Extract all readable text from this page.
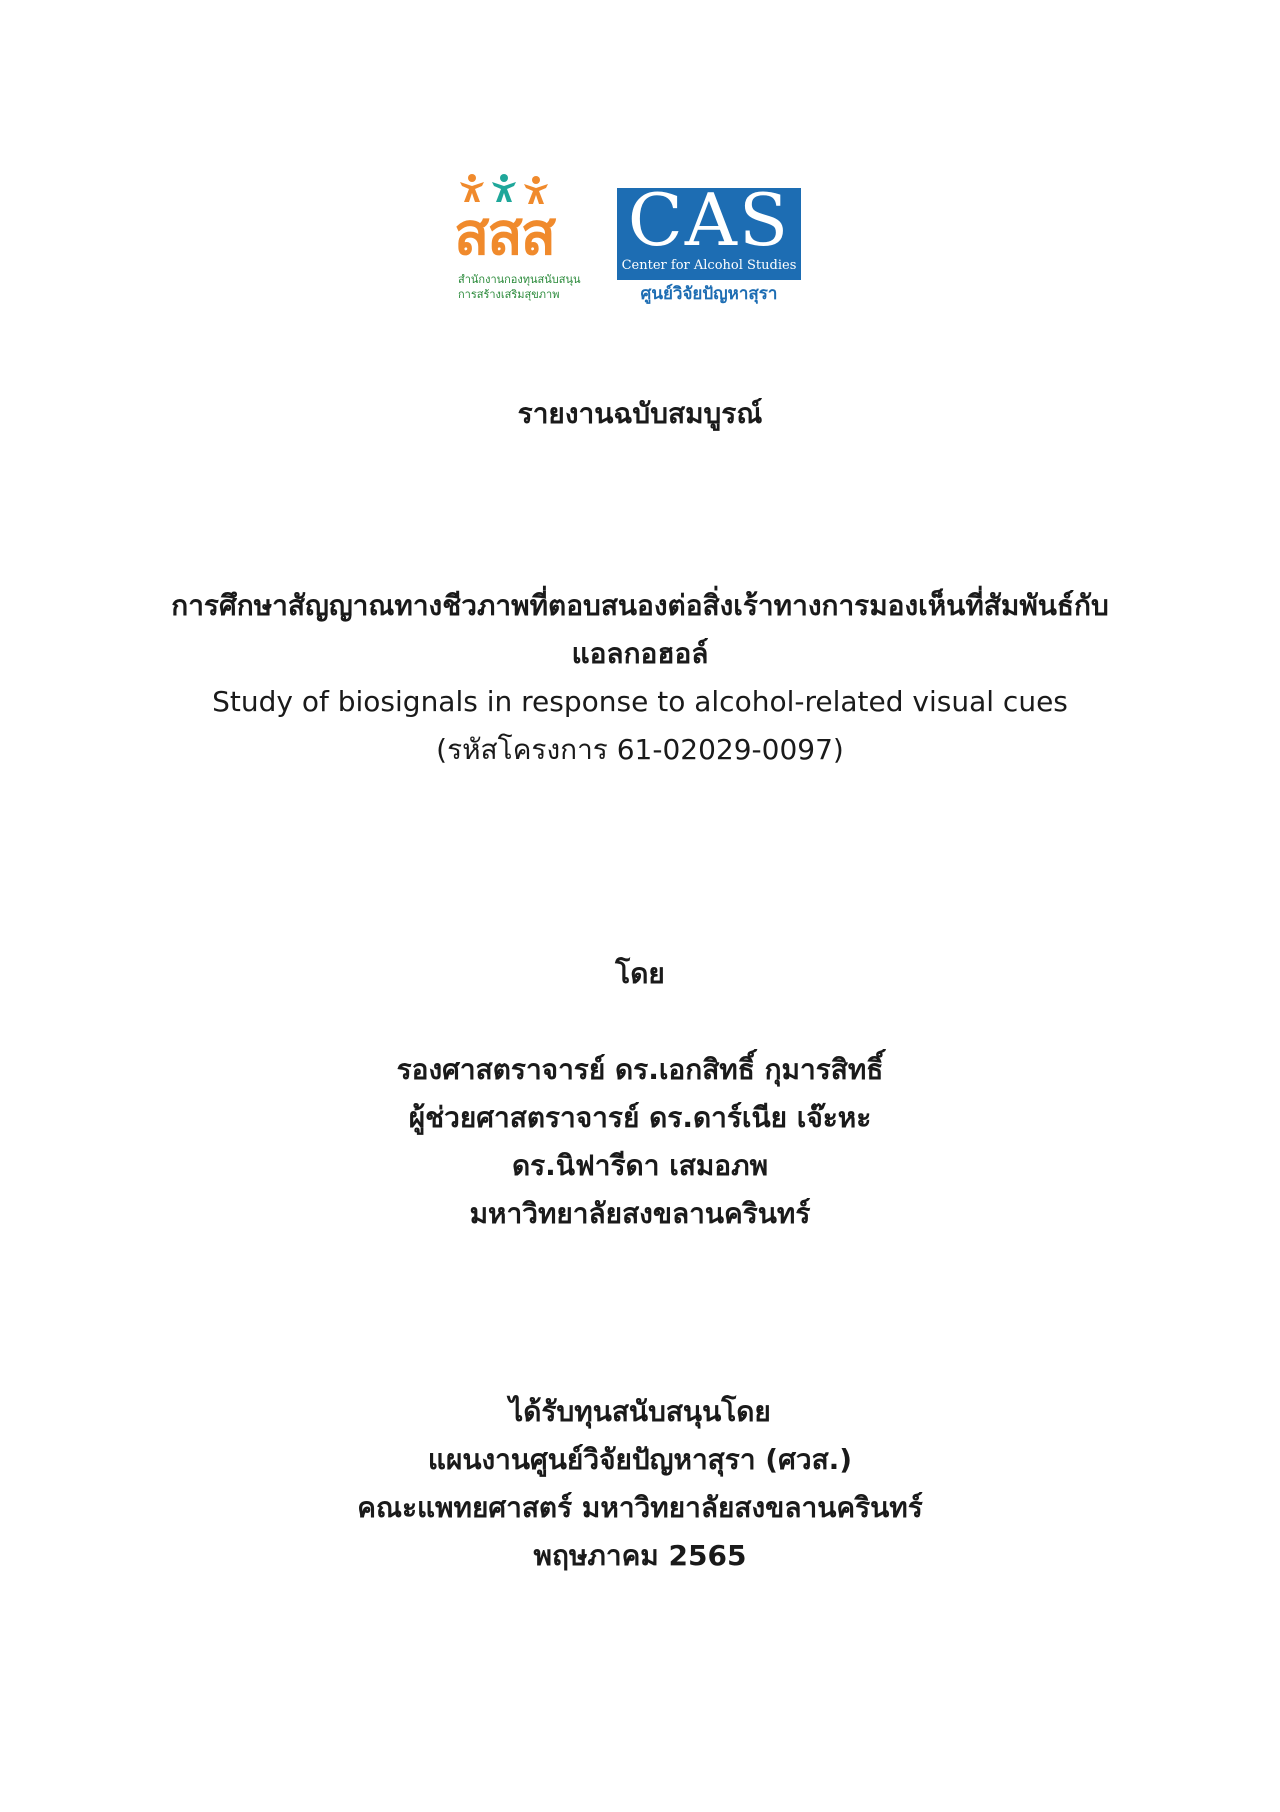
สสส
สำนักงานกองทุนสนับสนุน
การสร้างเสริมสุขภาพ
CAS
Center for Alcohol Studies
ศูนย์วิจัยปัญหาสุรา
รายงานฉบับสมบูรณ์
การศึกษาสัญญาณทางชีวภาพที่ตอบสนองต่อสิ่งเร้าทางการมองเห็นที่สัมพันธ์กับ
แอลกอฮอล์
Study of biosignals in response to alcohol-related visual cues
(รหัสโครงการ 61-02029-0097)
โดย
รองศาสตราจารย์ ดร.เอกสิทธิ์ กุมารสิทธิ์
ผู้ช่วยศาสตราจารย์ ดร.ดาร์เนีย เจ๊ะหะ
ดร.นิฟารีดา เสมอภพ
มหาวิทยาลัยสงขลานครินทร์
ได้รับทุนสนับสนุนโดย
แผนงานศูนย์วิจัยปัญหาสุรา (ศวส.)
คณะแพทยศาสตร์ มหาวิทยาลัยสงขลานครินทร์
พฤษภาคม 2565
